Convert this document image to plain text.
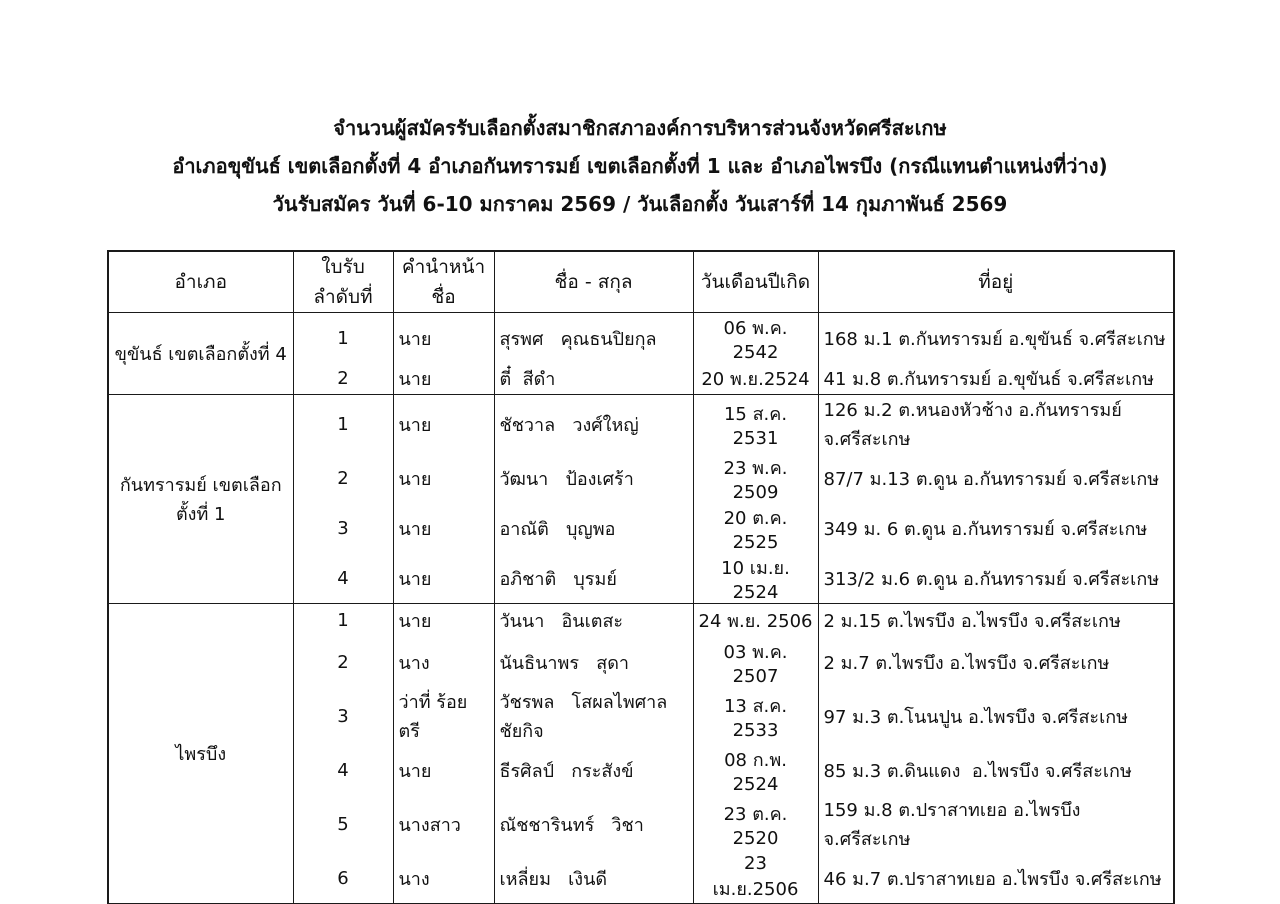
จำนวนผู้สมัครรับเลือกตั้งสมาชิกสภาองค์การบริหารส่วนจังหวัดศรีสะเกษ
อำเภอขุขันธ์ เขตเลือกตั้งที่ 4 อำเภอกันทรารมย์ เขตเลือกตั้งที่ 1 และ อำเภอไพรบึง (กรณีแทนตำแหน่งที่ว่าง)
วันรับสมัคร วันที่ 6-10 มกราคม 2569 / วันเลือกตั้ง วันเสาร์ที่ 14 กุมภาพันธ์ 2569
อำเภอ	ใบรับลำดับที่	คำนำหน้าชื่อ	ชื่อ - สกุล	วันเดือนปีเกิด	ที่อยู่
ขุขันธ์ เขตเลือกตั้งที่ 4	1	นาย	สุรพศ   คุณธนปิยกุล	06 พ.ค. 2542	168 ม.1 ต.กันทรารมย์ อ.ขุขันธ์ จ.ศรีสะเกษ
	2	นาย	ตี๋  สีดำ	20 พ.ย.2524	41 ม.8 ต.กันทรารมย์ อ.ขุขันธ์ จ.ศรีสะเกษ
กันทรารมย์ เขตเลือกตั้งที่ 1	1	นาย	ชัชวาล   วงศ์ใหญ่	15 ส.ค. 2531	126 ม.2 ต.หนองหัวช้าง อ.กันทรารมย์ จ.ศรีสะเกษ
	2	นาย	วัฒนา   ป้องเศร้า	23 พ.ค. 2509	87/7 ม.13 ต.ดูน อ.กันทรารมย์ จ.ศรีสะเกษ
	3	นาย	อาณัติ   บุญพอ	20 ต.ค. 2525	349 ม. 6 ต.ดูน อ.กันทรารมย์ จ.ศรีสะเกษ
	4	นาย	อภิชาติ   บุรมย์	10 เม.ย. 2524	313/2 ม.6 ต.ดูน อ.กันทรารมย์ จ.ศรีสะเกษ
ไพรบึง	1	นาย	วันนา   อินเตสะ	24 พ.ย. 2506	2 ม.15 ต.ไพรบึง อ.ไพรบึง จ.ศรีสะเกษ
	2	นาง	นันธินาพร   สุดา	03 พ.ค. 2507	2 ม.7 ต.ไพรบึง อ.ไพรบึง จ.ศรีสะเกษ
	3	ว่าที่ ร้อยตรี	วัชรพล   โสผลไพศาลชัยกิจ	13 ส.ค. 2533	97 ม.3 ต.โนนปูน อ.ไพรบึง จ.ศรีสะเกษ
	4	นาย	ธีรศิลป์   กระสังข์	08 ก.พ. 2524	85 ม.3 ต.ดินแดง  อ.ไพรบึง จ.ศรีสะเกษ
	5	นางสาว	ณัชชารินทร์   วิชา	23 ต.ค. 2520	159 ม.8 ต.ปราสาทเยอ อ.ไพรบึง จ.ศรีสะเกษ
	6	นาง	เหลี่ยม   เงินดี	23 เม.ย.2506	46 ม.7 ต.ปราสาทเยอ อ.ไพรบึง จ.ศรีสะเกษ
